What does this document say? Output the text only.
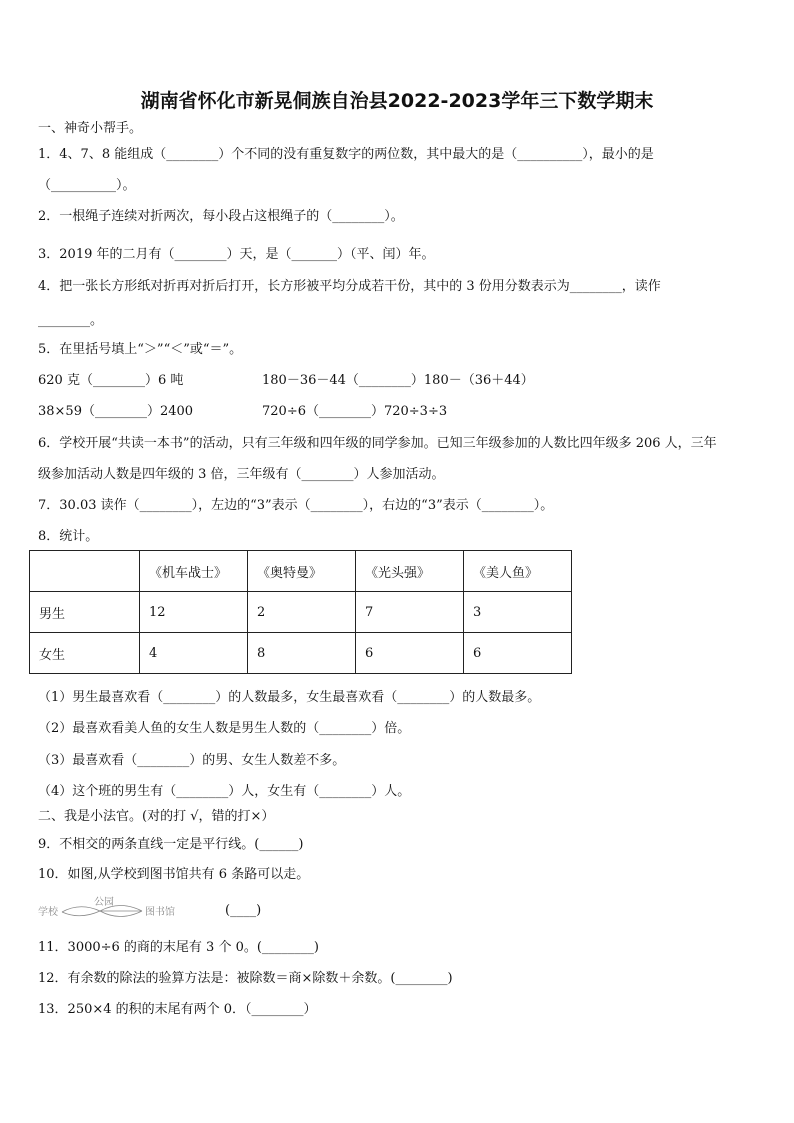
湖南省怀化市新晃侗族自治县2022-2023学年三下数学期末
一、神奇小帮手。
1．4、7、8 能组成（________）个不同的没有重复数字的两位数，其中最大的是（__________），最小的是
（__________）。
2．一根绳子连续对折两次，每小段占这根绳子的（________）。
3．2019 年的二月有（________）天，是（_______）（平、闰）年。
4．把一张长方形纸对折再对折后打开，长方形被平均分成若干份，其中的 3 份用分数表示为________，读作
________。
5．在里括号填上“＞”“＜”或“＝”。
620 克（________）6 吨	180－36－44（________）180－（36＋44）
38×59（________）2400	720÷6（________）720÷3÷3
6．学校开展“共读一本书”的活动，只有三年级和四年级的同学参加。已知三年级参加的人数比四年级多 206 人，三年
级参加活动人数是四年级的 3 倍，三年级有（________）人参加活动。
7．30.03 读作（________），左边的“3”表示（________），右边的“3”表示（________）。
8．统计。
	《机车战士》	《奥特曼》	《光头强》	《美人鱼》
男生	12	2	7	3
女生	4	8	6	6
（1）男生最喜欢看（________）的人数最多，女生最喜欢看（________）的人数最多。
（2）最喜欢看美人鱼的女生人数是男生人数的（________）倍。
（3）最喜欢看（________）的男、女生人数差不多。
（4）这个班的男生有（________）人，女生有（________）人。
二、我是小法官。(对的打 √，错的打×）
9．不相交的两条直线一定是平行线。(______)
10．如图,从学校到图书馆共有 6 条路可以走。
学校
公园
图书馆	(____)
11．3000÷6 的商的末尾有 3 个 0。(________)
12．有余数的除法的验算方法是：被除数＝商×除数＋余数。(________)
13．250×4 的积的末尾有两个 0．（________）
